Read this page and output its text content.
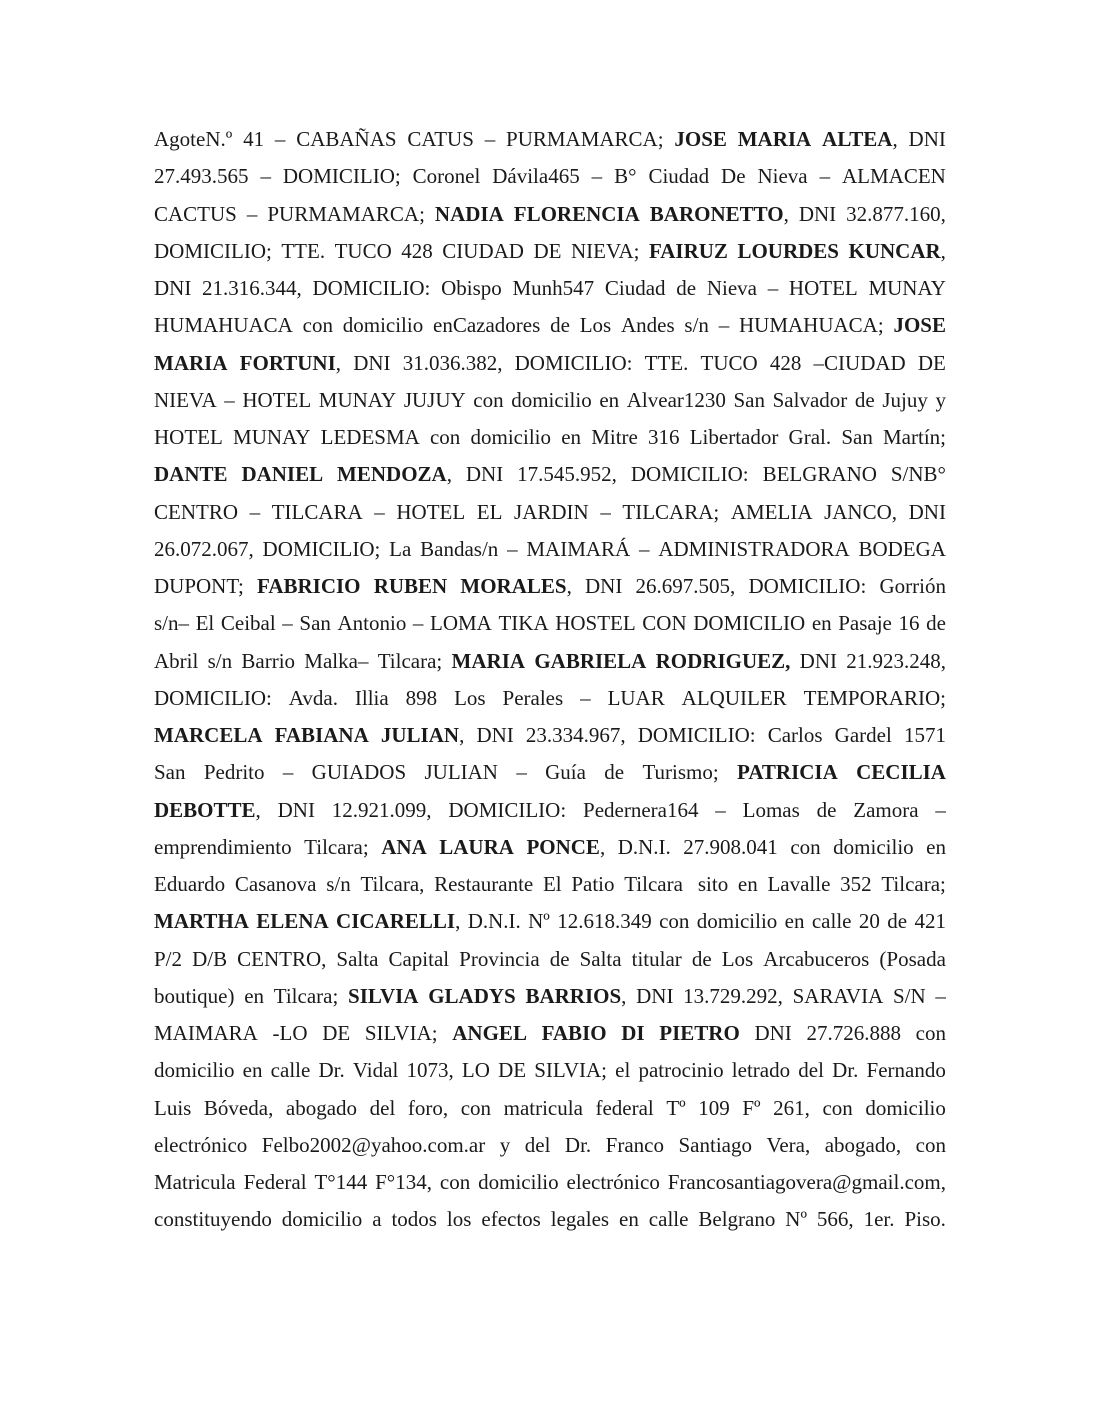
AgoteN.º 41 – CABAÑAS CATUS – PURMAMARCA; JOSE MARIA ALTEA, DNI
27.493.565 – DOMICILIO; Coronel Dávila465 – B° Ciudad De Nieva – ALMACEN
CACTUS – PURMAMARCA; NADIA FLORENCIA BARONETTO, DNI 32.877.160,
DOMICILIO; TTE. TUCO 428 CIUDAD DE NIEVA; FAIRUZ LOURDES KUNCAR,
DNI 21.316.344, DOMICILIO: Obispo Munh547 Ciudad de Nieva – HOTEL MUNAY
HUMAHUACA con domicilio enCazadores de Los Andes s/n – HUMAHUACA; JOSE
MARIA FORTUNI, DNI 31.036.382, DOMICILIO: TTE. TUCO 428 –CIUDAD DE
NIEVA – HOTEL MUNAY JUJUY con domicilio en Alvear1230 San Salvador de Jujuy y
HOTEL MUNAY LEDESMA con domicilio en Mitre 316 Libertador Gral. San Martín;
DANTE DANIEL MENDOZA, DNI 17.545.952, DOMICILIO: BELGRANO S/NB°
CENTRO – TILCARA – HOTEL EL JARDIN – TILCARA; AMELIA JANCO, DNI
26.072.067, DOMICILIO; La Bandas/n – MAIMARÁ – ADMINISTRADORA BODEGA
DUPONT; FABRICIO RUBEN MORALES, DNI 26.697.505, DOMICILIO: Gorrión
s/n– El Ceibal – San Antonio – LOMA TIKA HOSTEL CON DOMICILIO en Pasaje 16 de
Abril s/n Barrio Malka– Tilcara; MARIA GABRIELA RODRIGUEZ, DNI 21.923.248,
DOMICILIO: Avda. Illia 898 Los Perales – LUAR ALQUILER TEMPORARIO;
MARCELA FABIANA JULIAN, DNI 23.334.967, DOMICILIO: Carlos Gardel 1571
San Pedrito – GUIADOS JULIAN – Guía de Turismo; PATRICIA CECILIA
DEBOTTE, DNI 12.921.099, DOMICILIO: Pedernera164 – Lomas de Zamora –
emprendimiento Tilcara; ANA LAURA PONCE, D.N.I. 27.908.041 con domicilio en
Eduardo Casanova s/n Tilcara, Restaurante El Patio Tilcara sito en Lavalle 352 Tilcara;
MARTHA ELENA CICARELLI, D.N.I. Nº 12.618.349 con domicilio en calle 20 de 421
P/2 D/B CENTRO, Salta Capital Provincia de Salta titular de Los Arcabuceros (Posada
boutique) en Tilcara; SILVIA GLADYS BARRIOS, DNI 13.729.292, SARAVIA S/N –
MAIMARA -LO DE SILVIA; ANGEL FABIO DI PIETRO DNI 27.726.888 con
domicilio en calle Dr. Vidal 1073, LO DE SILVIA; el patrocinio letrado del Dr. Fernando
Luis Bóveda, abogado del foro, con matricula federal Tº 109 Fº 261, con domicilio
electrónico Felbo2002@yahoo.com.ar y del Dr. Franco Santiago Vera, abogado, con
Matricula Federal T°144 F°134, con domicilio electrónico Francosantiagovera@gmail.com,
constituyendo domicilio a todos los efectos legales en calle Belgrano Nº 566, 1er. Piso.
